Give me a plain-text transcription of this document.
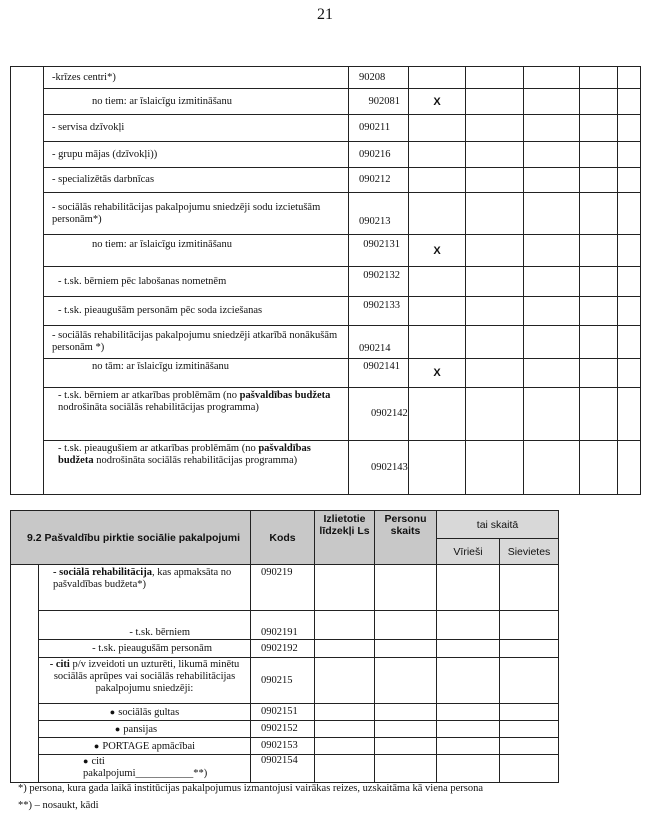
21
	-krīzes centri*)	90208					
	no tiem: ar īslaicīgu izmitināšanu	902081	X				
	- servisa dzīvokļi	090211					
	- grupu mājas (dzīvokļi))	090216					
	- specializētās darbnīcas	090212					
	- sociālās rehabilitācijas pakalpojumu sniedzēji sodu izcietušām personām*)	090213					
	no tiem: ar īslaicīgu izmitināšanu	0902131	X				
	- t.sk. bērniem pēc labošanas nometnēm	0902132					
	- t.sk. pieaugušām personām pēc soda izciešanas	0902133					
	- sociālās rehabilitācijas pakalpojumu sniedzēji atkarībā nonākušām personām *)	090214					
	no tām: ar īslaicīgu izmitināšanu	0902141	X				
	- t.sk. bērniem ar atkarības problēmām (no pašvaldības budžeta nodrošināta sociālās rehabilitācijas programma)	0902142					
	- t.sk. pieaugušiem ar atkarības problēmām (no pašvaldības budžeta nodrošināta sociālās rehabilitācijas programma)	0902143					
9.2 Pašvaldību pirktie sociālie pakalpojumi		Kods	Izlietotie līdzekļi Ls	Personu skaits	tai skaitā	
					Vīrieši	Sievietes
	- sociālā rehabilitācija, kas apmaksāta no pašvaldības budžeta*)	090219				
	- t.sk. bērniem	0902191				
	- t.sk. pieaugušām personām	0902192				
	- citi p/v izveidoti un uzturēti, likumā minētu sociālās aprūpes vai sociālās rehabilitācijas pakalpojumu sniedzēji:	090215				
	● sociālās gultas	0902151				
	● pansijas	0902152				
	● PORTAGE apmācībai	0902153				
	● citi pakalpojumi___________**)	0902154				
*) persona, kura gada laikā institūcijas pakalpojumus izmantojusi vairākas reizes, uzskaitāma kā viena persona
**) – nosaukt, kādi
